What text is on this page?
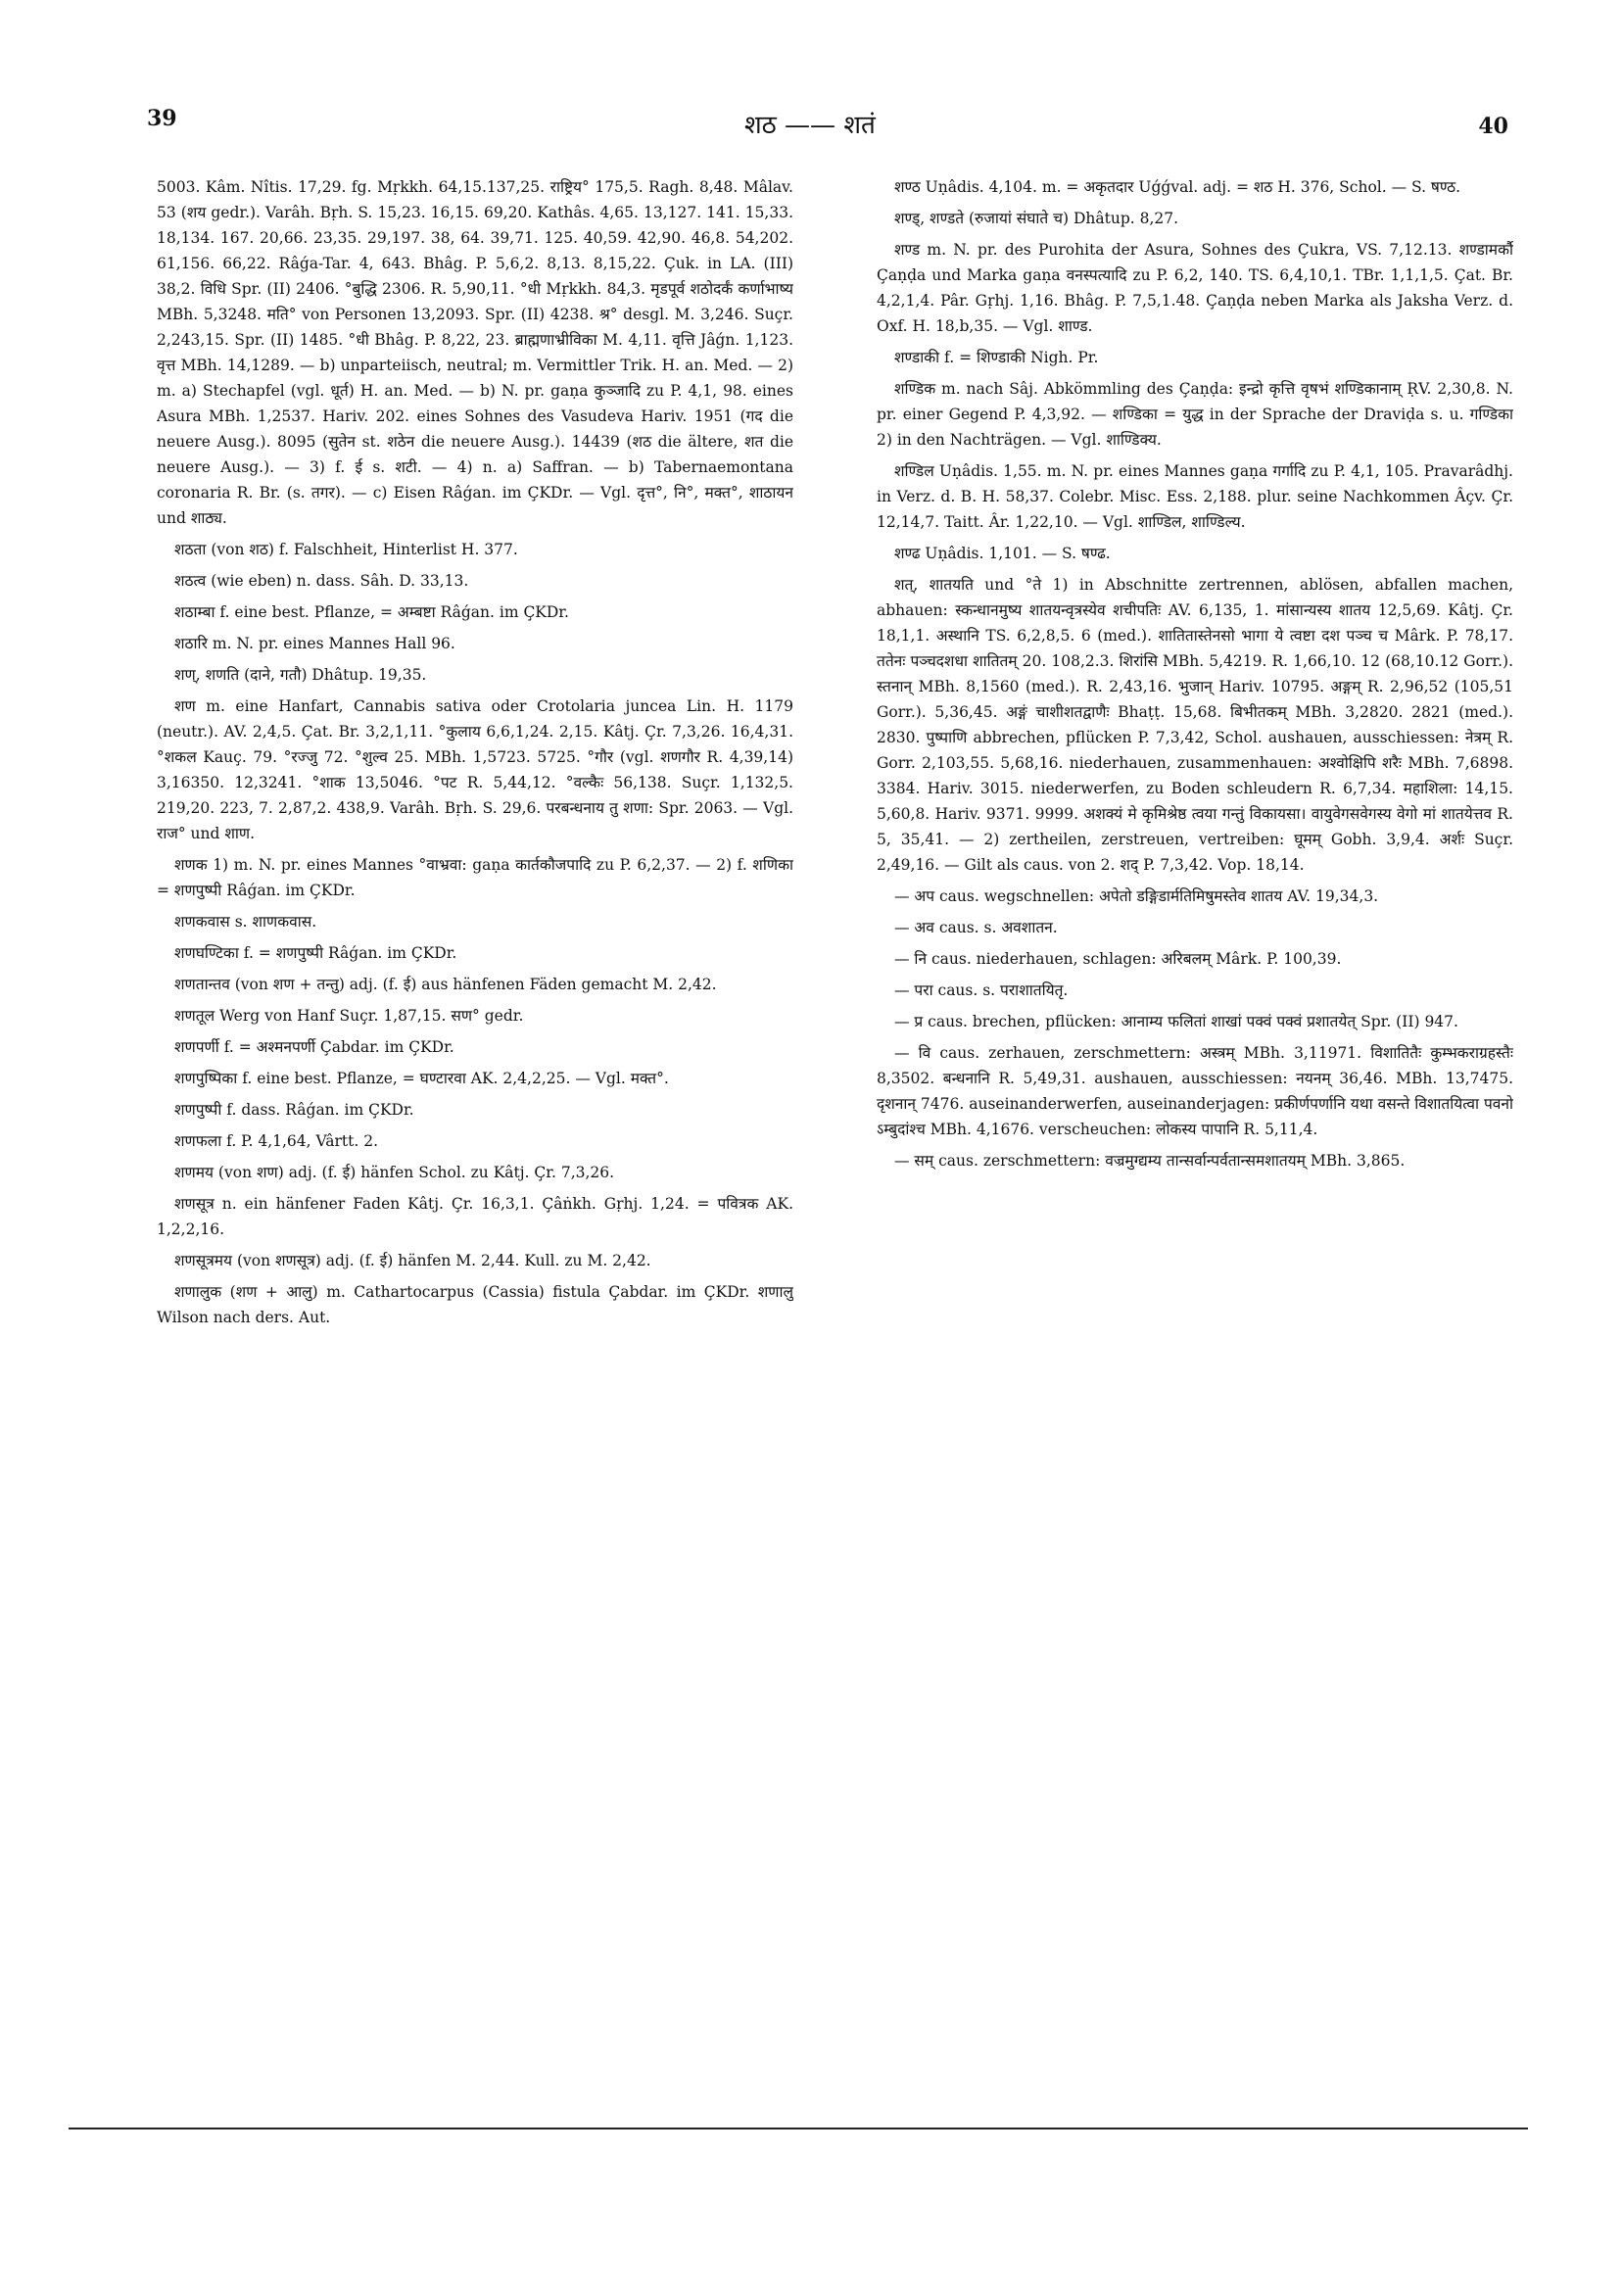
39	शठ —— शतं	40

5003. Kâm. Nîtis. 17,29. fg. Mṛkkh. 64,15.137,25. राष्ट्रिय° 175,5. Ragh. 8,48. Mâlav. 53 (शय gedr.). Varâh. Bṛh. S. 15,23. 16,15. 69,20. Kathâs. 4,65. 13,127. 141. 15,33. 18,134. 167. 20,66. 23,35. 29,197. 38, 64. 39,71. 125. 40,59. 42,90. 46,8. 54,202. 61,156. 66,22. Râǵa-Tar. 4, 643. Bhâg. P. 5,6,2. 8,13. 8,15,22. Çuk. in LA. (III) 38,2. विधि Spr. (II) 2406. °बुद्धि 2306. R. 5,90,11. °धी Mṛkkh. 84,3. मृडपूर्व शठोदर्कं कर्णाभाष्य MBh. 5,3248. मति° von Personen 13,2093. Spr. (II) 4238. श्र° desgl. M. 3,246. Suçr. 2,243,15. Spr. (II) 1485. °धी Bhâg. P. 8,22, 23. ब्राह्मणाभ्रीविका M. 4,11. वृत्ति Jâǵn. 1,123. वृत्त MBh. 14,1289. — b) unparteiisch, neutral; m. Vermittler Trik. H. an. Med. — 2) m. a) Stechapfel (vgl. धूर्त) H. an. Med. — b) N. pr. gaṇa कुञ्जादि zu P. 4,1, 98. eines Asura MBh. 1,2537. Hariv. 202. eines Sohnes des Vasudeva Hariv. 1951 (गद die neuere Ausg.). 8095 (सुतेन st. शठेन die neuere Ausg.). 14439 (शठ die ältere, शत die neuere Ausg.). — 3) f. ई s. शटी. — 4) n. a) Saffran. — b) Tabernaemontana coronaria R. Br. (s. तगर). — c) Eisen Râǵan. im ÇKDr. — Vgl. दृत्त°, नि°, मक्त°, शाठायन und शाठ्य.

शठता (von शठ) f. Falschheit, Hinterlist H. 377.

शठत्व (wie eben) n. dass. Sâh. D. 33,13.

शठाम्बा f. eine best. Pflanze, = अम्बष्टा Râǵan. im ÇKDr.

शठारि m. N. pr. eines Mannes Hall 96.

शण्, शणति (दाने, गतौ) Dhâtup. 19,35.

शण m. eine Hanfart, Cannabis sativa oder Crotolaria juncea Lin. H. 1179 (neutr.). AV. 2,4,5. Çat. Br. 3,2,1,11. °कुलाय 6,6,1,24. 2,15. Kâtj. Çr. 7,3,26. 16,4,31. °शकल Kauç. 79. °रज्जु 72. °शुल्व 25. MBh. 1,5723. 5725. °गौर (vgl. शणगौर R. 4,39,14) 3,16350. 12,3241. °शाक 13,5046. °पट R. 5,44,12. °वल्कैः 56,138. Suçr. 1,132,5. 219,20. 223, 7. 2,87,2. 438,9. Varâh. Bṛh. S. 29,6. परबन्धनाय तु शणा: Spr. 2063. — Vgl. राज° und शाण.

शणक 1) m. N. pr. eines Mannes °वाभ्रवा: gaṇa कार्तकौजपादि zu P. 6,2,37. — 2) f. शणिका = शणपुष्पी Râǵan. im ÇKDr.

शणकवास s. शाणकवास.

शणघण्टिका f. = शणपुष्पी Râǵan. im ÇKDr.

शणतान्तव (von शण + तन्तु) adj. (f. ई) aus hänfenen Fäden gemacht M. 2,42.

शणतूल Werg von Hanf Suçr. 1,87,15. सण° gedr.

शणपर्णी f. = अश्मनपर्णी Çabdar. im ÇKDr.

शणपुष्पिका f. eine best. Pflanze, = घण्टारवा AK. 2,4,2,25. — Vgl. मक्त°.

शणपुष्पी f. dass. Râǵan. im ÇKDr.

शणफला f. P. 4,1,64, Vârtt. 2.

शणमय (von शण) adj. (f. ई) hänfen Schol. zu Kâtj. Çr. 7,3,26.

शणसूत्र n. ein hänfener Faden Kâtj. Çr. 16,3,1. Çâṅkh. Gṛhj. 1,24. = पवित्रक AK. 1,2,2,16.

शणसूत्रमय (von शणसूत्र) adj. (f. ई) hänfen M. 2,44. Kull. zu M. 2,42.

शणालुक (शण + आलु) m. Cathartocarpus (Cassia) fistula Çabdar. im ÇKDr. शणालु Wilson nach ders. Aut.

शण्ठ Uṇâdis. 4,104. m. = अकृतदार Uǵǵval. adj. = शठ H. 376, Schol. — S. षण्ठ.

शण्ड्, शण्डते (रुजायां संघाते च) Dhâtup. 8,27.

शण्ड m. N. pr. des Purohita der Asura, Sohnes des Çukra, VS. 7,12.13. शण्डामर्कौ Çaṇḍa und Marka gaṇa वनस्पत्यादि zu P. 6,2, 140. TS. 6,4,10,1. TBr. 1,1,1,5. Çat. Br. 4,2,1,4. Pâr. Gṛhj. 1,16. Bhâg. P. 7,5,1.48. Çaṇḍa neben Marka als Jaksha Verz. d. Oxf. H. 18,b,35. — Vgl. शाण्ड.

शण्डाकी f. = शिण्डाकी Nigh. Pr.

शण्डिक m. nach Sâj. Abkömmling des Çaṇḍa: इन्द्रो कृत्ति वृषभं शण्डिकानाम् ṚV. 2,30,8. N. pr. einer Gegend P. 4,3,92. — शण्डिका = युद्ध in der Sprache der Draviḍa s. u. गण्डिका 2) in den Nachträgen. — Vgl. शाण्डिक्य.

शण्डिल Uṇâdis. 1,55. m. N. pr. eines Mannes gaṇa गर्गादि zu P. 4,1, 105. Pravarâdhj. in Verz. d. B. H. 58,37. Colebr. Misc. Ess. 2,188. plur. seine Nachkommen Âçv. Çr. 12,14,7. Taitt. Âr. 1,22,10. — Vgl. शाण्डिल, शाण्डिल्य.

शण्ढ Uṇâdis. 1,101. — S. षण्ढ.

शत्, शातयति und °ते 1) in Abschnitte zertrennen, ablösen, abfallen machen, abhauen: स्कन्धानमुष्य शातयन्वृत्रस्येव शचीपतिः AV. 6,135, 1. मांसान्यस्य शातय 12,5,69. Kâtj. Çr. 18,1,1. अस्थानि TS. 6,2,8,5. 6 (med.). शातितास्तेनसो भागा ये त्वष्टा दश पञ्च च Mârk. P. 78,17. ततेनः पञ्चदशधा शातितम् 20. 108,2.3. शिरांसि MBh. 5,4219. R. 1,66,10. 12 (68,10.12 Gorr.). स्तनान् MBh. 8,1560 (med.). R. 2,43,16. भुजान् Hariv. 10795. अङ्गम् R. 2,96,52 (105,51 Gorr.). 5,36,45. अङ्गं चाशीशतद्वाणैः Bhaṭṭ. 15,68. बिभीतकम् MBh. 3,2820. 2821 (med.). 2830. पुष्पाणि abbrechen, pflücken P. 7,3,42, Schol. aushauen, ausschiessen: नेत्रम् R. Gorr. 2,103,55. 5,68,16. niederhauen, zusammenhauen: अश्वोक्षिपि शरैः MBh. 7,6898. 3384. Hariv. 3015. niederwerfen, zu Boden schleudern R. 6,7,34. महाशिला: 14,15. 5,60,8. Hariv. 9371. 9999. अशक्यं मे कृमिश्रेष्ठ त्वया गन्तुं विकायसा। वायुवेगसवेगस्य वेगो मां शातयेत्तव R. 5, 35,41. — 2) zertheilen, zerstreuen, vertreiben: घूमम् Gobh. 3,9,4. अर्शः Suçr. 2,49,16. — Gilt als caus. von 2. शद् P. 7,3,42. Vop. 18,14.

— अप caus. wegschnellen: अपेतो डङ्गिडार्मतिमिषुमस्तेव शातय AV. 19,34,3.

— अव caus. s. अवशातन.

— नि caus. niederhauen, schlagen: अरिबलम् Mârk. P. 100,39.

— परा caus. s. पराशातयितृ.

— प्र caus. brechen, pflücken: आनाम्य फलितां शाखां पक्वं पक्वं प्रशातयेत् Spr. (II) 947.

— वि caus. zerhauen, zerschmettern: अस्त्रम् MBh. 3,11971. विशातितैः कुम्भकराग्रहस्तैः 8,3502. बन्धनानि R. 5,49,31. aushauen, ausschiessen: नयनम् 36,46. MBh. 13,7475. दृशनान् 7476. auseinanderwerfen, auseinanderjagen: प्रकीर्णपर्णानि यथा वसन्ते विशातयित्वा पवनो ऽम्बुदांश्च MBh. 4,1676. verscheuchen: लोकस्य पापानि R. 5,11,4.

— सम् caus. zerschmettern: वज्रमुग्द्यम्य तान्सर्वान्पर्वतान्समशातयम् MBh. 3,865.
